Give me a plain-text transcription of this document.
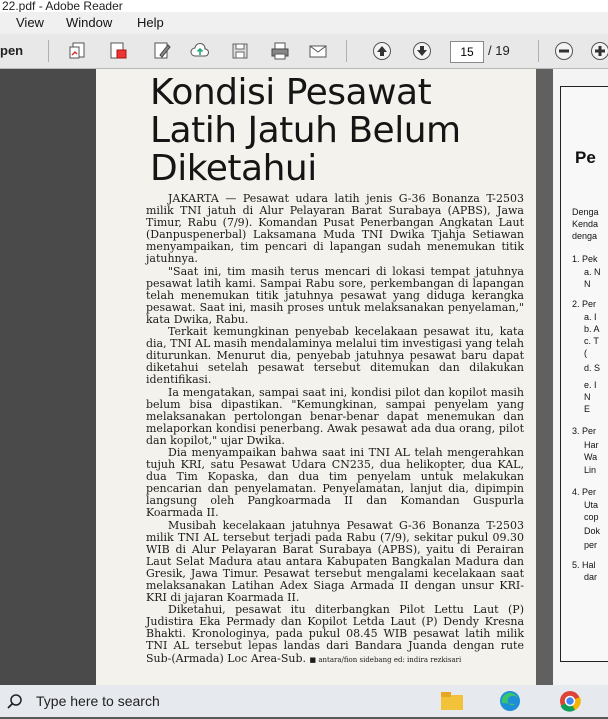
22.pdf - Adobe Reader
View Window Help
pen	15	/ 19
Kondisi Pesawat
Latih Jatuh Belum
Diketahui

JAKARTA — Pesawat udara latih jenis G-36 Bonanza T-2503 milik TNI jatuh di Alur Pelayaran Barat Surabaya (APBS), Jawa Timur, Rabu (7/9). Komandan Pusat Penerbangan Angkatan Laut (Danpuspenerbal) Laksamana Muda TNI Dwika Tjahja Setiawan menyampaikan, tim pencari di lapangan sudah menemukan titik jatuhnya.

"Saat ini, tim masih terus mencari di lokasi tempat jatuhnya pesawat latih kami. Sampai Rabu sore, perkembangan di lapangan telah menemukan titik jatuhnya pesawat yang diduga kerangka pesawat. Saat ini, masih proses untuk melaksanakan penyelaman," kata Dwika, Rabu.

Terkait kemungkinan penyebab kecelakaan pesawat itu, kata dia, TNI AL masih mendalaminya melalui tim investigasi yang telah diturunkan. Menurut dia, penyebab jatuhnya pesawat baru dapat diketahui setelah pesawat tersebut ditemukan dan dilakukan identifikasi.

Ia mengatakan, sampai saat ini, kondisi pilot dan kopilot masih belum bisa dipastikan. "Kemungkinan, sampai penyelam yang melaksanakan pertolongan benar-benar dapat menemukan dan melaporkan kondisi penerbang. Awak pesawat ada dua orang, pilot dan kopilot," ujar Dwika.

Dia menyampaikan bahwa saat ini TNI AL telah mengerahkan tujuh KRI, satu Pesawat Udara CN235, dua helikopter, dua KAL, dua Tim Kopaska, dan dua tim penyelam untuk melakukan pencarian dan penyelamatan. Penyelamatan, lanjut dia, dipimpin langsung oleh Pangkoarmada II dan Komandan Guspurla Koarmada II.

Musibah kecelakaan jatuhnya Pesawat G-36 Bonanza T-2503 milik TNI AL tersebut terjadi pada Rabu (7/9), sekitar pukul 09.30 WIB di Alur Pelayaran Barat Surabaya (APBS), yaitu di Perairan Laut Selat Madura atau antara Kabupaten Bangkalan Madura dan Gresik, Jawa Timur. Pesawat tersebut mengalami kecelakaan saat melaksanakan Latihan Adex Siaga Armada II dengan unsur KRI-KRI di jajaran Koarmada II.

Diketahui, pesawat itu diterbangkan Pilot Lettu Laut (P) Judistira Eka Permady dan Kopilot Letda Laut (P) Dendy Kresna Bhakti. Kronologinya, pada pukul 08.45 WIB pesawat latih milik TNI AL tersebut lepas landas dari Bandara Juanda dengan rute Sub-(Armada) Loc Area-Sub. ■ antara/fion sidebang ed: indira rezkisari

Pe
Denga
Kenda
denga
1. Pek
a. N
N
2. Per
a. I
b. A
c. T
(
d. S
e. I
N
E
3. Per
Har
Wa
Lin
4. Per
Uta
cop
Dok
per
5. Hal
dar
Type here to search
